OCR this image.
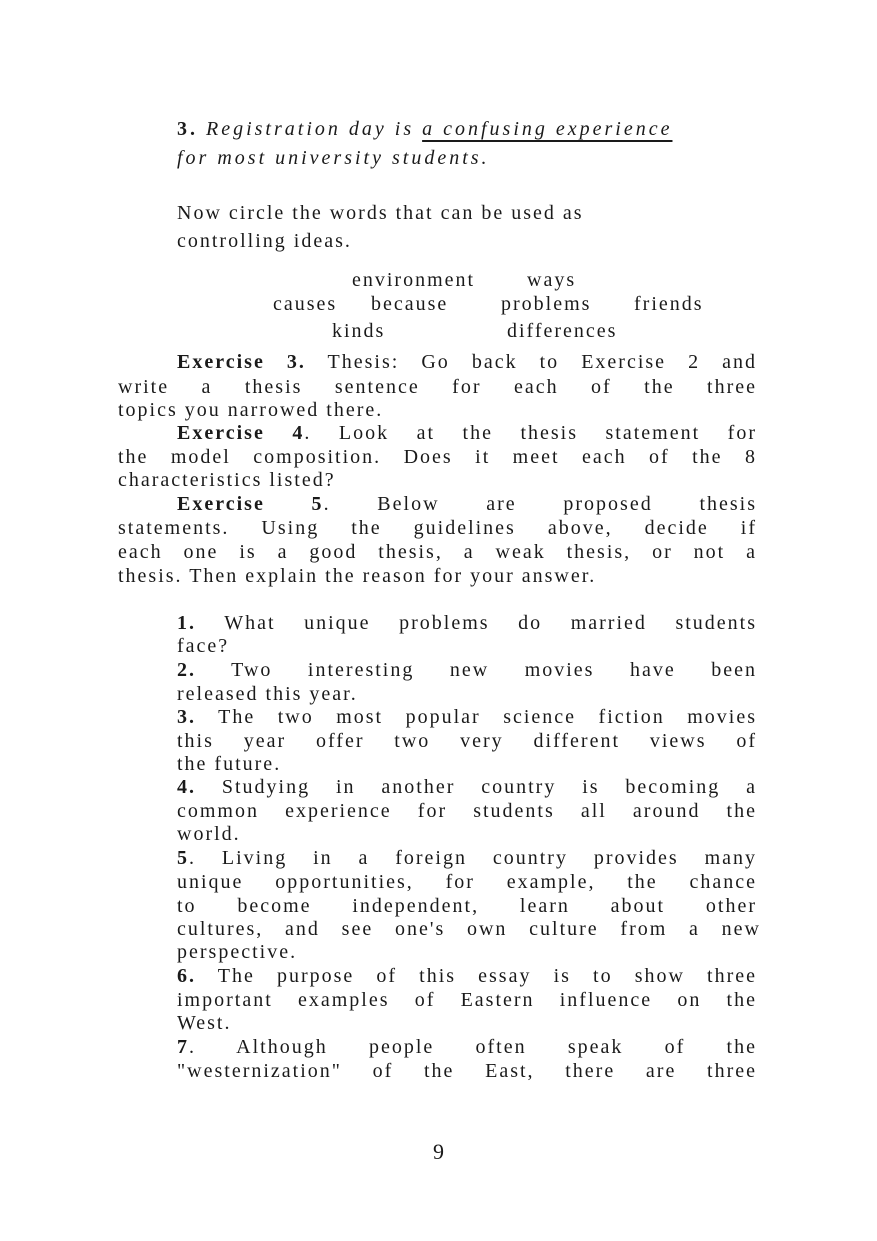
3. Registration day is a confusing experience
for most university students.
Now circle the words that can be used as
controlling ideas.
environment	ways
causes because	problems friends
kinds	differences
Exercise 3. Thesis: Go back to Exercise 2 and
write a thesis sentence for each of the three
topics you narrowed there.
Exercise 4. Look at the thesis statement for
the model composition. Does it meet each of the 8
characteristics listed?
Exercise 5. Below are proposed thesis
statements. Using the guidelines above, decide if
each one is a good thesis, a weak thesis, or not a
thesis. Then explain the reason for your answer.
1. What unique problems do married students
face?
2. Two interesting new movies have been
released this year.
3. The two most popular science fiction movies
this year offer two very different views of
the future.
4. Studying in another country is becoming a
common experience for students all around the
world.
5. Living in a foreign country provides many
unique opportunities, for example, the chance
to become independent, learn about other
cultures, and see one's own culture from a new
perspective.
6. The purpose of this essay is to show three
important examples of Eastern influence on the
West.
7. Although people often speak of the
"westernization" of the East, there are three
9
